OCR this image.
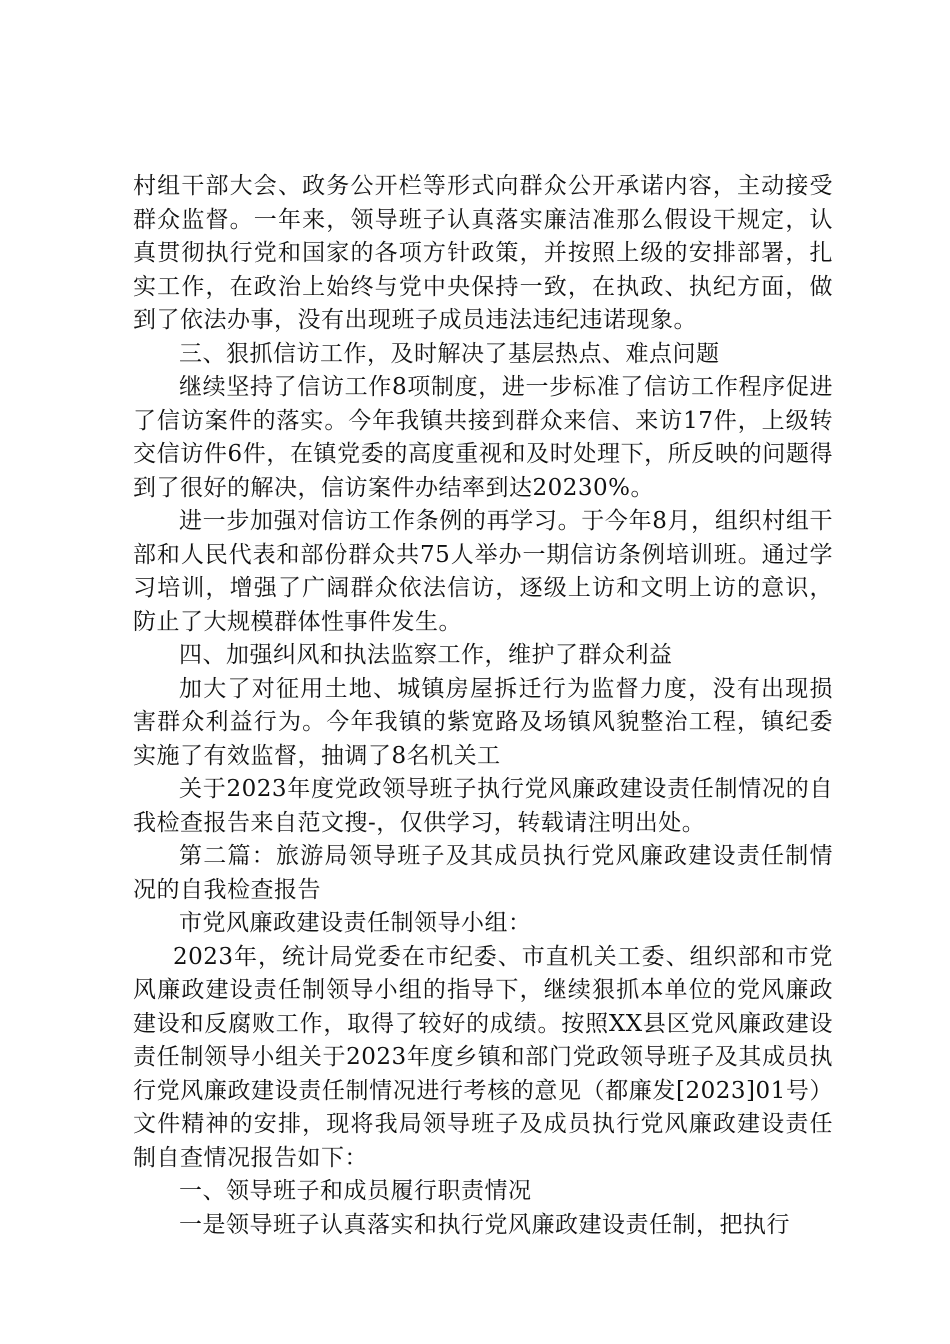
村组干部大会、政务公开栏等形式向群众公开承诺内容，主动接受群众监督。一年来，领导班子认真落实廉洁准那么假设干规定，认真贯彻执行党和国家的各项方针政策，并按照上级的安排部署，扎实工作，在政治上始终与党中央保持一致，在执政、执纪方面，做到了依法办事，没有出现班子成员违法违纪违诺现象。

三、狠抓信访工作，及时解决了基层热点、难点问题

继续坚持了信访工作8项制度，进一步标准了信访工作程序促进了信访案件的落实。今年我镇共接到群众来信、来访17件，上级转交信访件6件，在镇党委的高度重视和及时处理下，所反映的问题得到了很好的解决，信访案件办结率到达20230%。

进一步加强对信访工作条例的再学习。于今年8月，组织村组干部和人民代表和部份群众共75人举办一期信访条例培训班。通过学习培训，增强了广阔群众依法信访，逐级上访和文明上访的意识，防止了大规模群体性事件发生。

四、加强纠风和执法监察工作，维护了群众利益

加大了对征用土地、城镇房屋拆迁行为监督力度，没有出现损害群众利益行为。今年我镇的紫宽路及场镇风貌整治工程，镇纪委实施了有效监督，抽调了8名机关工

关于2023年度党政领导班子执行党风廉政建设责任制情况的自我检查报告来自范文搜-，仅供学习，转载请注明出处。

第二篇：旅游局领导班子及其成员执行党风廉政建设责任制情况的自我检查报告

市党风廉政建设责任制领导小组：

2023年，统计局党委在市纪委、市直机关工委、组织部和市党风廉政建设责任制领导小组的指导下，继续狠抓本单位的党风廉政建设和反腐败工作，取得了较好的成绩。按照XX县区党风廉政建设责任制领导小组关于2023年度乡镇和部门党政领导班子及其成员执行党风廉政建设责任制情况进行考核的意见（都廉发[2023]01号）文件精神的安排，现将我局领导班子及成员执行党风廉政建设责任制自查情况报告如下：

一、领导班子和成员履行职责情况

一是领导班子认真落实和执行党风廉政建设责任制，把执行
